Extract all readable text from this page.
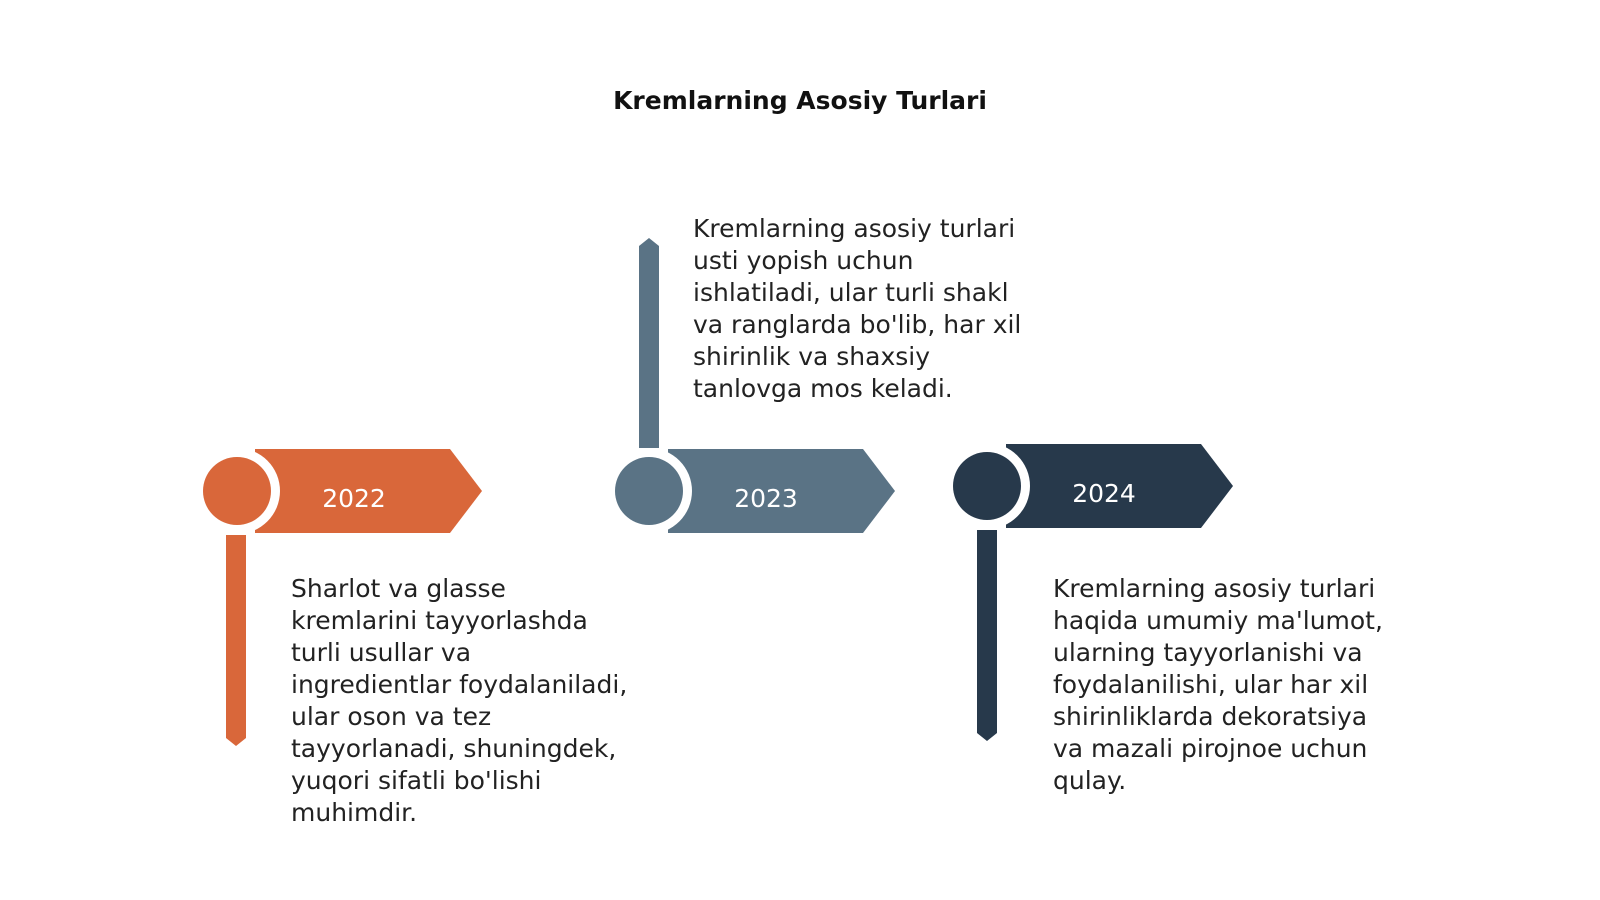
Kremlarning Asosiy Turlari
2022	2023	2024
Sharlot va glasse
kremlarini tayyorlashda
turli usullar va
ingredientlar foydalaniladi,
ular oson va tez
tayyorlanadi, shuningdek,
yuqori sifatli bo'lishi
muhimdir.
Kremlarning asosiy turlari
usti yopish uchun
ishlatiladi, ular turli shakl
va ranglarda bo'lib, har xil
shirinlik va shaxsiy
tanlovga mos keladi.
Kremlarning asosiy turlari
haqida umumiy ma'lumot,
ularning tayyorlanishi va
foydalanilishi, ular har xil
shirinliklarda dekoratsiya
va mazali pirojnoe uchun
qulay.
